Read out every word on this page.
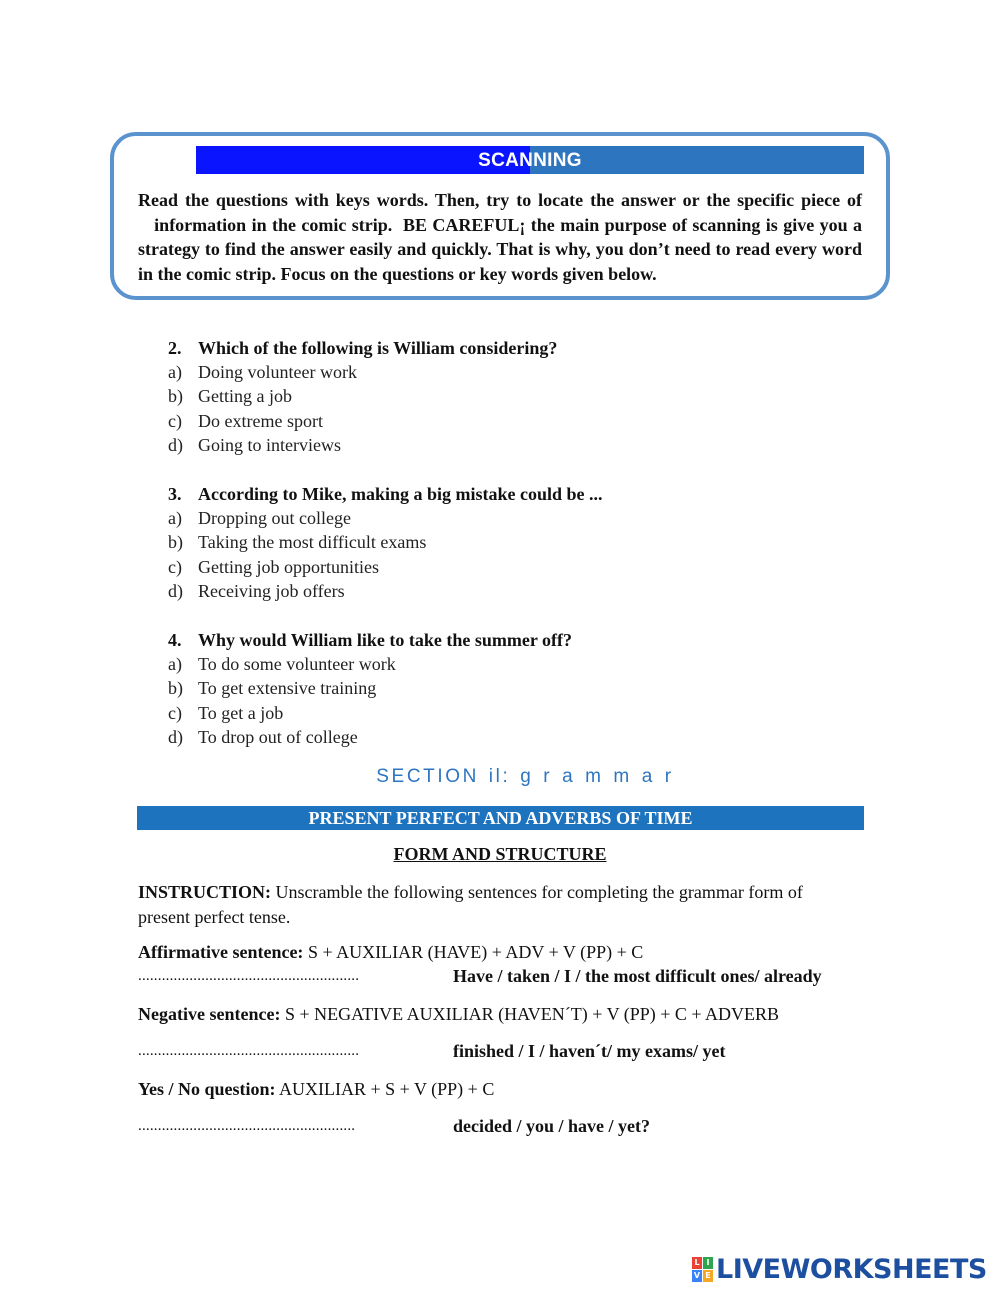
SCANNING
Read the questions with keys words. Then, try to locate the answer or the specific piece of    information in the comic strip.  BE CAREFUL¡ the main purpose of scanning is give you a strategy to find the answer easily and quickly. That is why, you don’t need to read every word in the comic strip. Focus on the questions or key words given below.
2. Which of the following is William considering?
a) Doing volunteer work
b) Getting a job
c) Do extreme sport
d) Going to interviews
3. According to Mike, making a big mistake could be ...
a) Dropping out college
b) Taking the most difficult exams
c) Getting job opportunities
d) Receiving job offers
4. Why would William like to take the summer off?
a) To do some volunteer work
b) To get extensive training
c) To get a job
d) To drop out of college
SECTION il: g r a m m a r
PRESENT PERFECT AND ADVERBS OF TIME
FORM AND STRUCTURE
INSTRUCTION: Unscramble the following sentences for completing the grammar form of present perfect tense.
Affirmative sentence: S + AUXILIAR (HAVE) + ADV + V (PP) + C
........................................................	Have / taken / I / the most difficult ones/ already
Negative sentence: S + NEGATIVE AUXILIAR (HAVEN´T) + V (PP) + C + ADVERB
........................................................	finished / I / haven´t/ my exams/ yet
Yes / No question: AUXILIAR + S + V (PP) + C
.......................................................	decided / you / have / yet?
L I
V E LIVEWORKSHEETS
